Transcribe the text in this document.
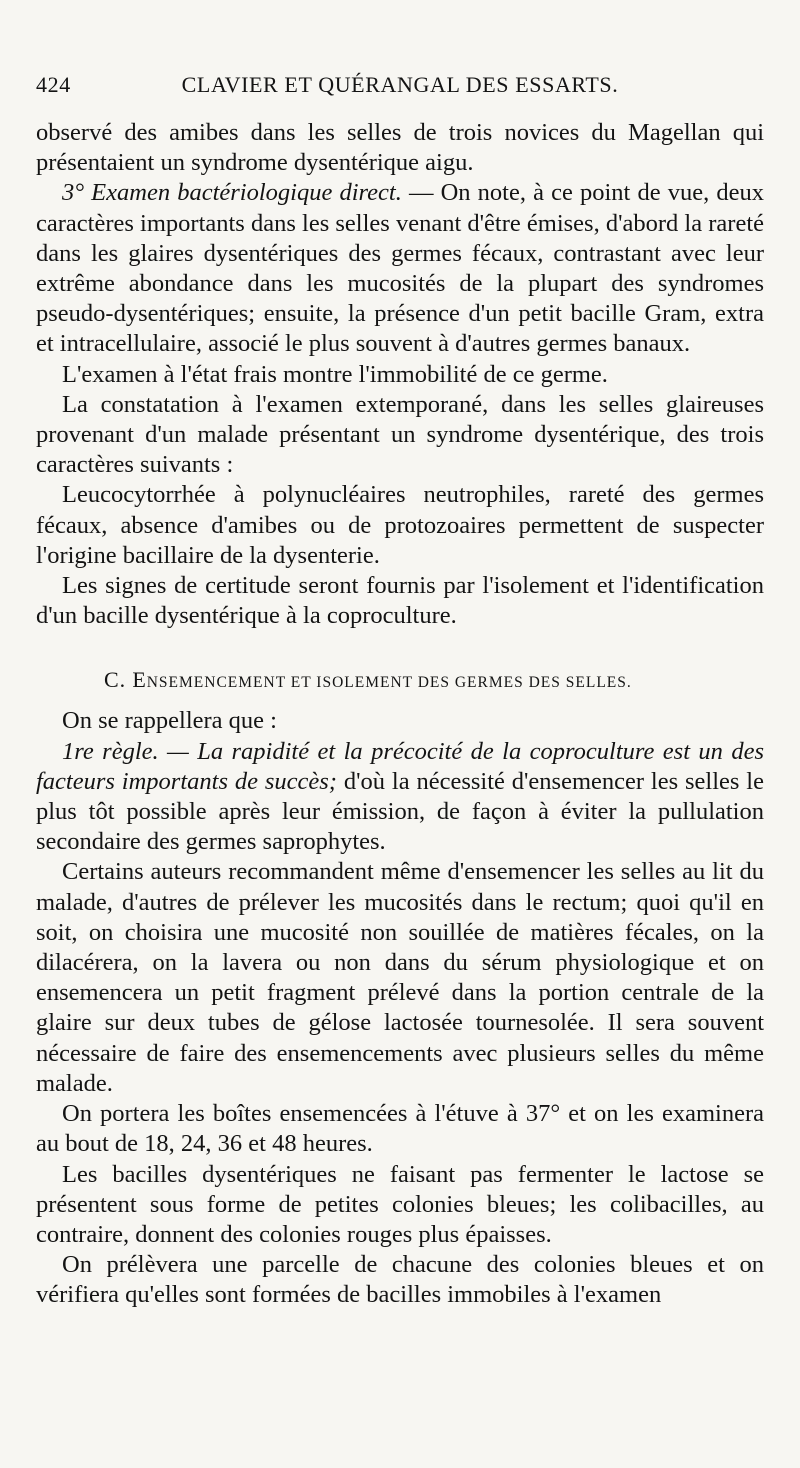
424	CLAVIER ET QUÉRANGAL DES ESSARTS.

observé des amibes dans les selles de trois novices du Magellan qui présentaient un syndrome dysentérique aigu.

3° Examen bactériologique direct. — On note, à ce point de vue, deux caractères importants dans les selles venant d'être émises, d'abord la rareté dans les glaires dysentériques des germes fécaux, contrastant avec leur extrême abondance dans les mucosités de la plupart des syndromes pseudo-dysentériques; ensuite, la présence d'un petit bacille Gram, extra et intracellulaire, associé le plus souvent à d'autres germes banaux.

L'examen à l'état frais montre l'immobilité de ce germe.

La constatation à l'examen extemporané, dans les selles glaireuses provenant d'un malade présentant un syndrome dysentérique, des trois caractères suivants :

Leucocytorrhée à polynucléaires neutrophiles, rareté des germes fécaux, absence d'amibes ou de protozoaires permettent de suspecter l'origine bacillaire de la dysenterie.

Les signes de certitude seront fournis par l'isolement et l'identification d'un bacille dysentérique à la coproculture.

C. ENSEMENCEMENT ET ISOLEMENT DES GERMES DES SELLES.

On se rappellera que :

1re règle. — La rapidité et la précocité de la coproculture est un des facteurs importants de succès; d'où la nécessité d'ensemencer les selles le plus tôt possible après leur émission, de façon à éviter la pullulation secondaire des germes saprophytes.

Certains auteurs recommandent même d'ensemencer les selles au lit du malade, d'autres de prélever les mucosités dans le rectum; quoi qu'il en soit, on choisira une mucosité non souillée de matières fécales, on la dilacérera, on la lavera ou non dans du sérum physiologique et on ensemencera un petit fragment prélevé dans la portion centrale de la glaire sur deux tubes de gélose lactosée tournesolée. Il sera souvent nécessaire de faire des ensemencements avec plusieurs selles du même malade.

On portera les boîtes ensemencées à l'étuve à 37° et on les examinera au bout de 18, 24, 36 et 48 heures.

Les bacilles dysentériques ne faisant pas fermenter le lactose se présentent sous forme de petites colonies bleues; les colibacilles, au contraire, donnent des colonies rouges plus épaisses.

On prélèvera une parcelle de chacune des colonies bleues et on vérifiera qu'elles sont formées de bacilles immobiles à l'examen
